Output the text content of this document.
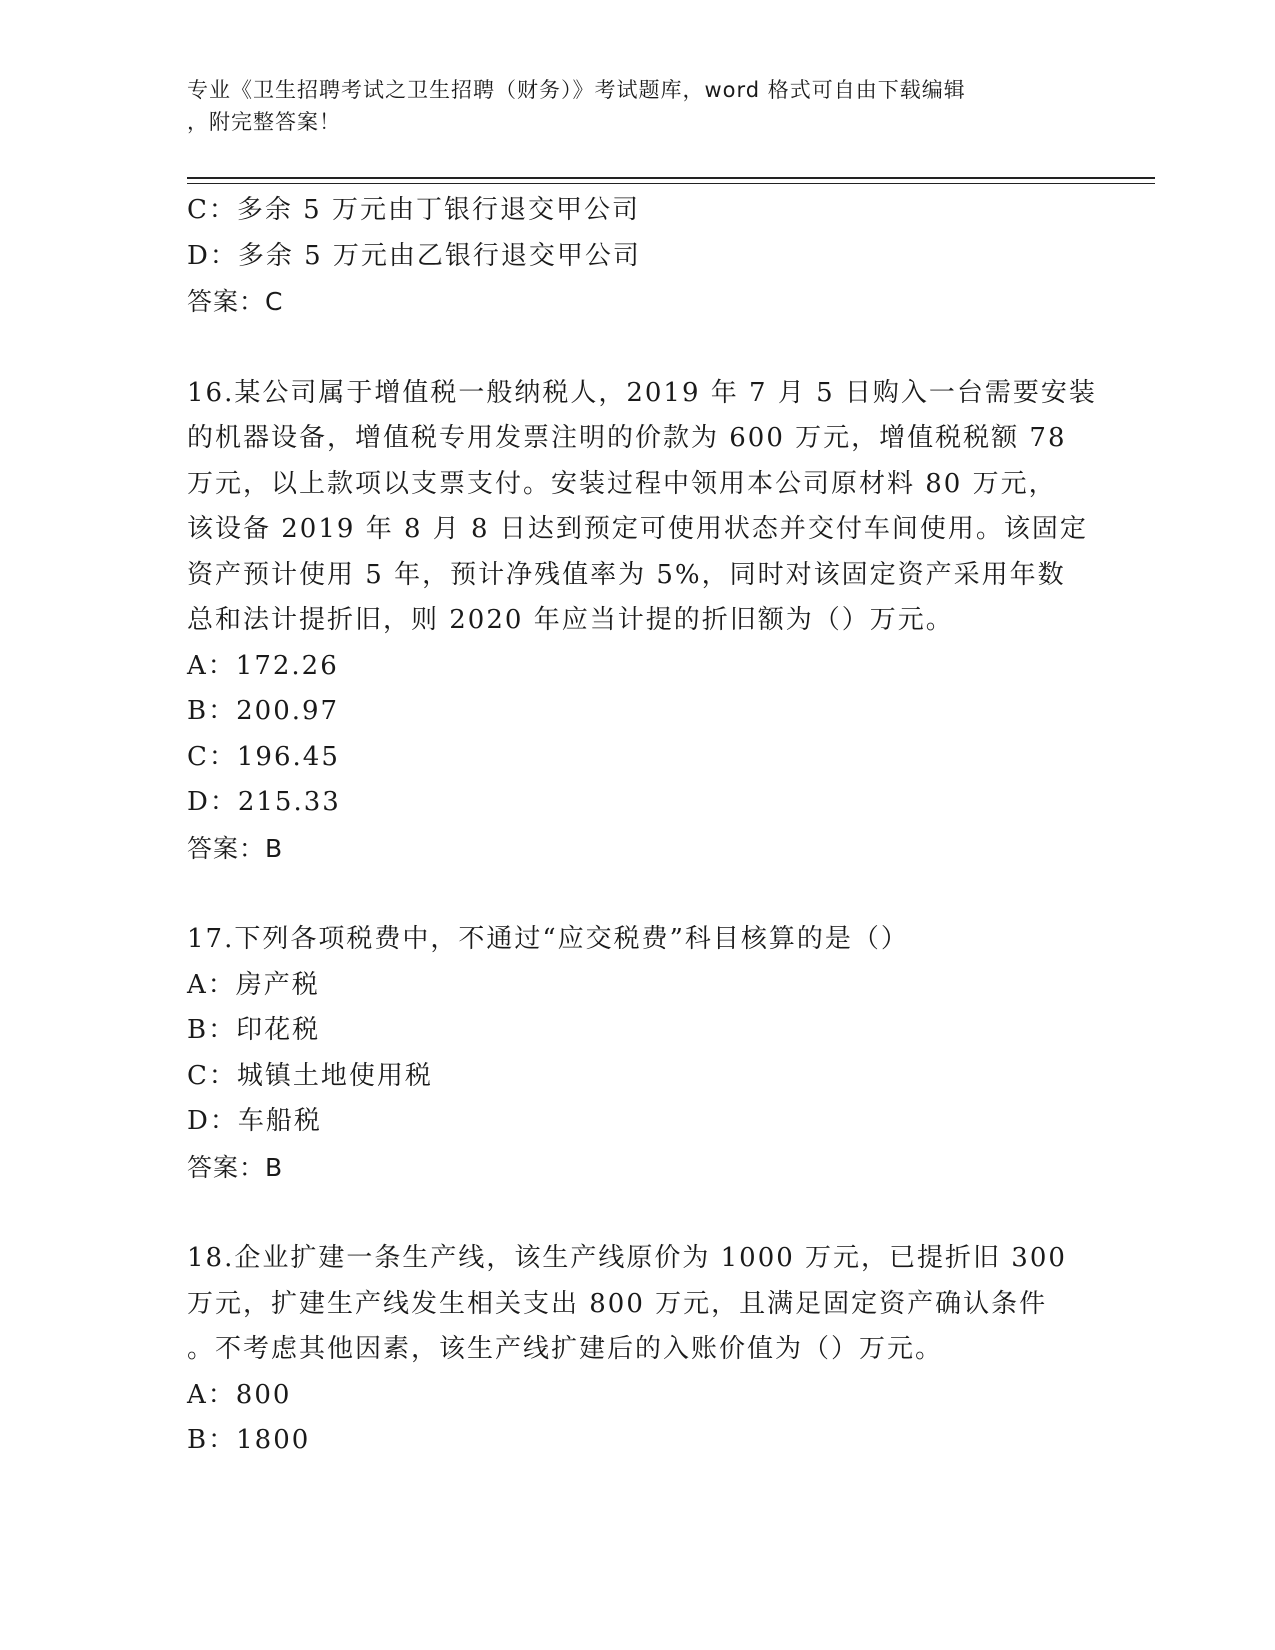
专业《卫生招聘考试之卫生招聘（财务）》考试题库，word 格式可自由下载编辑
，附完整答案！
C：多余 5 万元由丁银行退交甲公司
D：多余 5 万元由乙银行退交甲公司
答案：C
16.某公司属于增值税一般纳税人，2019 年 7 月 5 日购入一台需要安装
的机器设备，增值税专用发票注明的价款为 600 万元，增值税税额 78
万元，以上款项以支票支付。安装过程中领用本公司原材料 80 万元，
该设备 2019 年 8 月 8 日达到预定可使用状态并交付车间使用。该固定
资产预计使用 5 年，预计净残值率为 5%，同时对该固定资产采用年数
总和法计提折旧，则 2020 年应当计提的折旧额为（）万元。
A：172.26
B：200.97
C：196.45
D：215.33
答案：B
17.下列各项税费中，不通过“应交税费”科目核算的是（）
A：房产税
B：印花税
C：城镇土地使用税
D：车船税
答案：B
18.企业扩建一条生产线，该生产线原价为 1000 万元，已提折旧 300
万元，扩建生产线发生相关支出 800 万元，且满足固定资产确认条件
。不考虑其他因素，该生产线扩建后的入账价值为（）万元。
A：800
B：1800
